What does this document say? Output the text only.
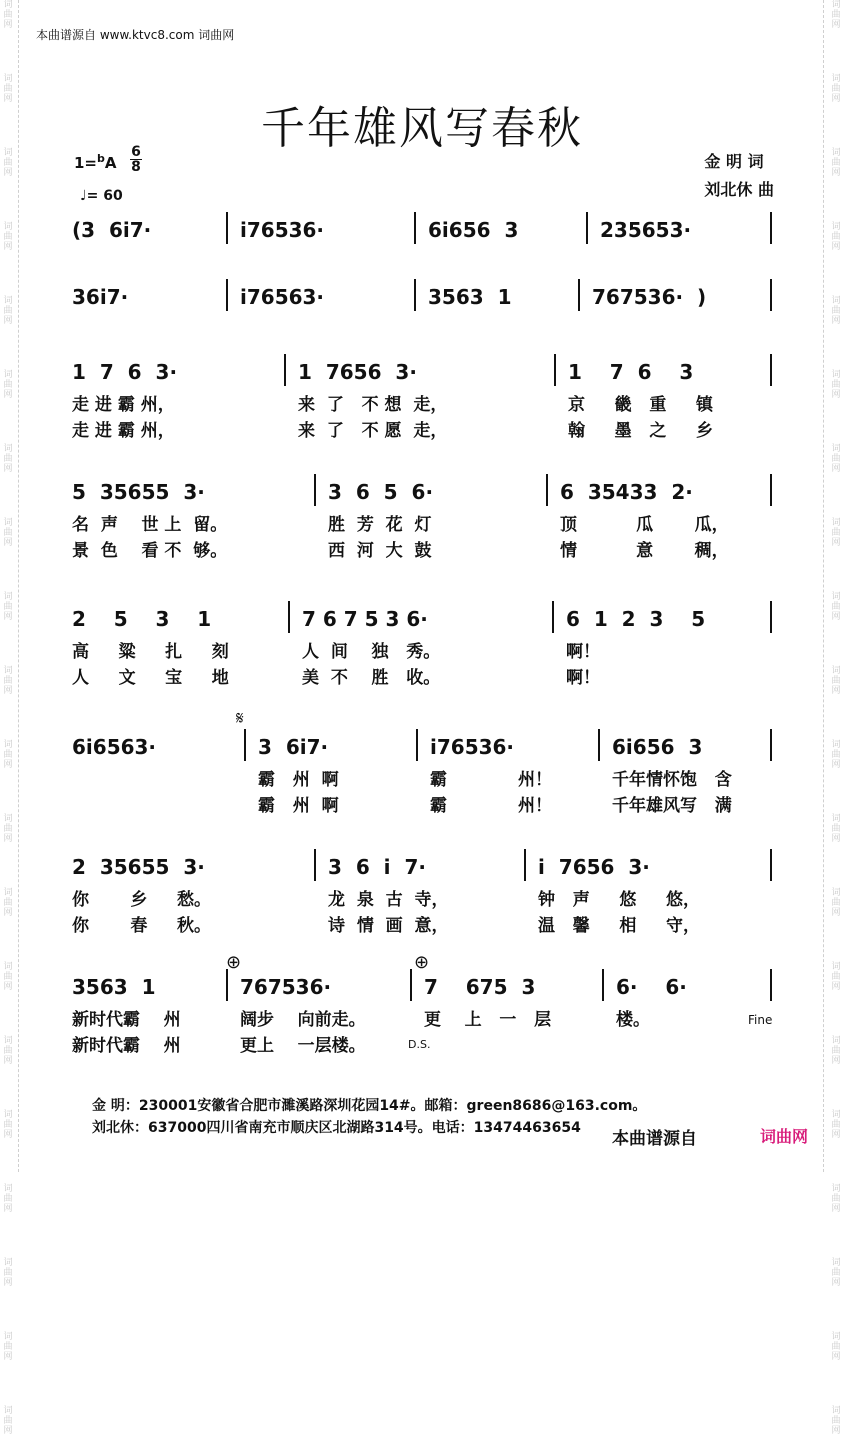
词曲网
词曲网
词曲网
词曲网
词曲网
词曲网
词曲网
词曲网
词曲网
词曲网
词曲网
词曲网
词曲网
词曲网
词曲网
词曲网
词曲网
词曲网
词曲网
词曲网
词曲网
词曲网
词曲网
词曲网
词曲网
词曲网
词曲网
词曲网
词曲网
词曲网
词曲网
词曲网
词曲网
词曲网
词曲网
词曲网
词曲网
词曲网
词曲网
词曲网
本曲谱源自 www.ktvc8.com 词曲网
千年雄风写春秋
金 明 词
刘北休 曲
1=$^b$A
6
8
♩= 60
(3  6i7·	i76536·	6i656  3	235653·
36i7·	i76563·	3563  1	767536·  )
1  7  6  3·	1  7656  3·	1    7  6    3
走 进 霸 州，	来  了   不 想  走，	京     畿   重     镇
走 进 霸 州，	来  了   不 愿  走，	翰     墨   之     乡
5  35655  3·	3  6  5  6·	6  35433  2·
名  声    世 上  留。	胜  芳  花  灯	顶          瓜       瓜，
景  色    看 不  够。	西  河  大  鼓	情          意       稠，
2    5    3    1	7 6 7 5 3 6·	6  1  2  3    5
高     粱     扎     刻	人  间    独   秀。	啊！
人     文     宝     地	美  不    胜   收。	啊！
6i6563·	3  6i7·	i76536·	6i656  3
霸   州  啊	霸            州！	千年情怀饱   含
霸   州  啊	霸            州！	千年雄风写   满
2  35655  3·	3  6  i  7·	i  7656  3·
你       乡     愁。	龙  泉  古  寺，	钟   声     悠     悠，
你       春     秋。	诗  情  画  意，	温   馨     相     守，
3563  1	767536·	7    675  3	6·    6·
新时代霸    州	阔步    向前走。	更    上   一   层	楼。
新时代霸    州	更上    一层楼。
金 明：230001安徽省合肥市濉溪路深圳花园14#。邮箱：green8686@163.com。
刘北休：637000四川省南充市顺庆区北湖路314号。电话：13474463654
本曲谱源自	词曲网
Fine
D.S.
𝄋
⊕	⊕
